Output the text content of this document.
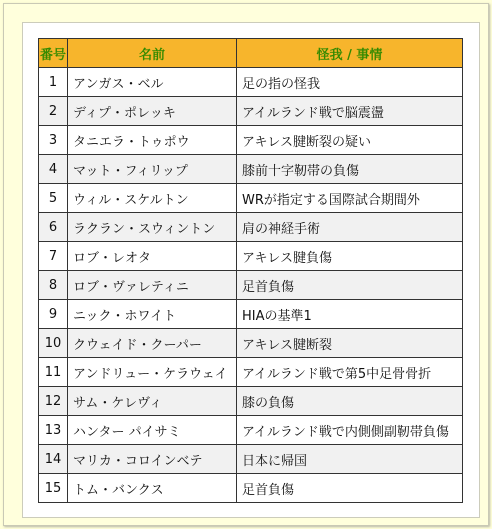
番号	名前	怪我 / 事情
1	アンガス・ベル	足の指の怪我
2	ディプ・ポレッキ	アイルランド戦で脳震盪
3	タニエラ・トゥポウ	アキレス腱断裂の疑い
4	マット・フィリップ	膝前十字靭帯の負傷
5	ウィル・スケルトン	WRが指定する国際試合期間外
6	ラクラン・スウィントン	肩の神経手術
7	ロブ・レオタ	アキレス腱負傷
8	ロブ・ヴァレティニ	足首負傷
9	ニック・ホワイト	HIAの基準1
10	クウェイド・クーパー	アキレス腱断裂
11	アンドリュー・ケラウェイ	アイルランド戦で第5中足骨骨折
12	サム・ケレヴィ	膝の負傷
13	ハンター パイサミ	アイルランド戦で内側側副靭帯負傷
14	マリカ・コロインベテ	日本に帰国
15	トム・バンクス	足首負傷
